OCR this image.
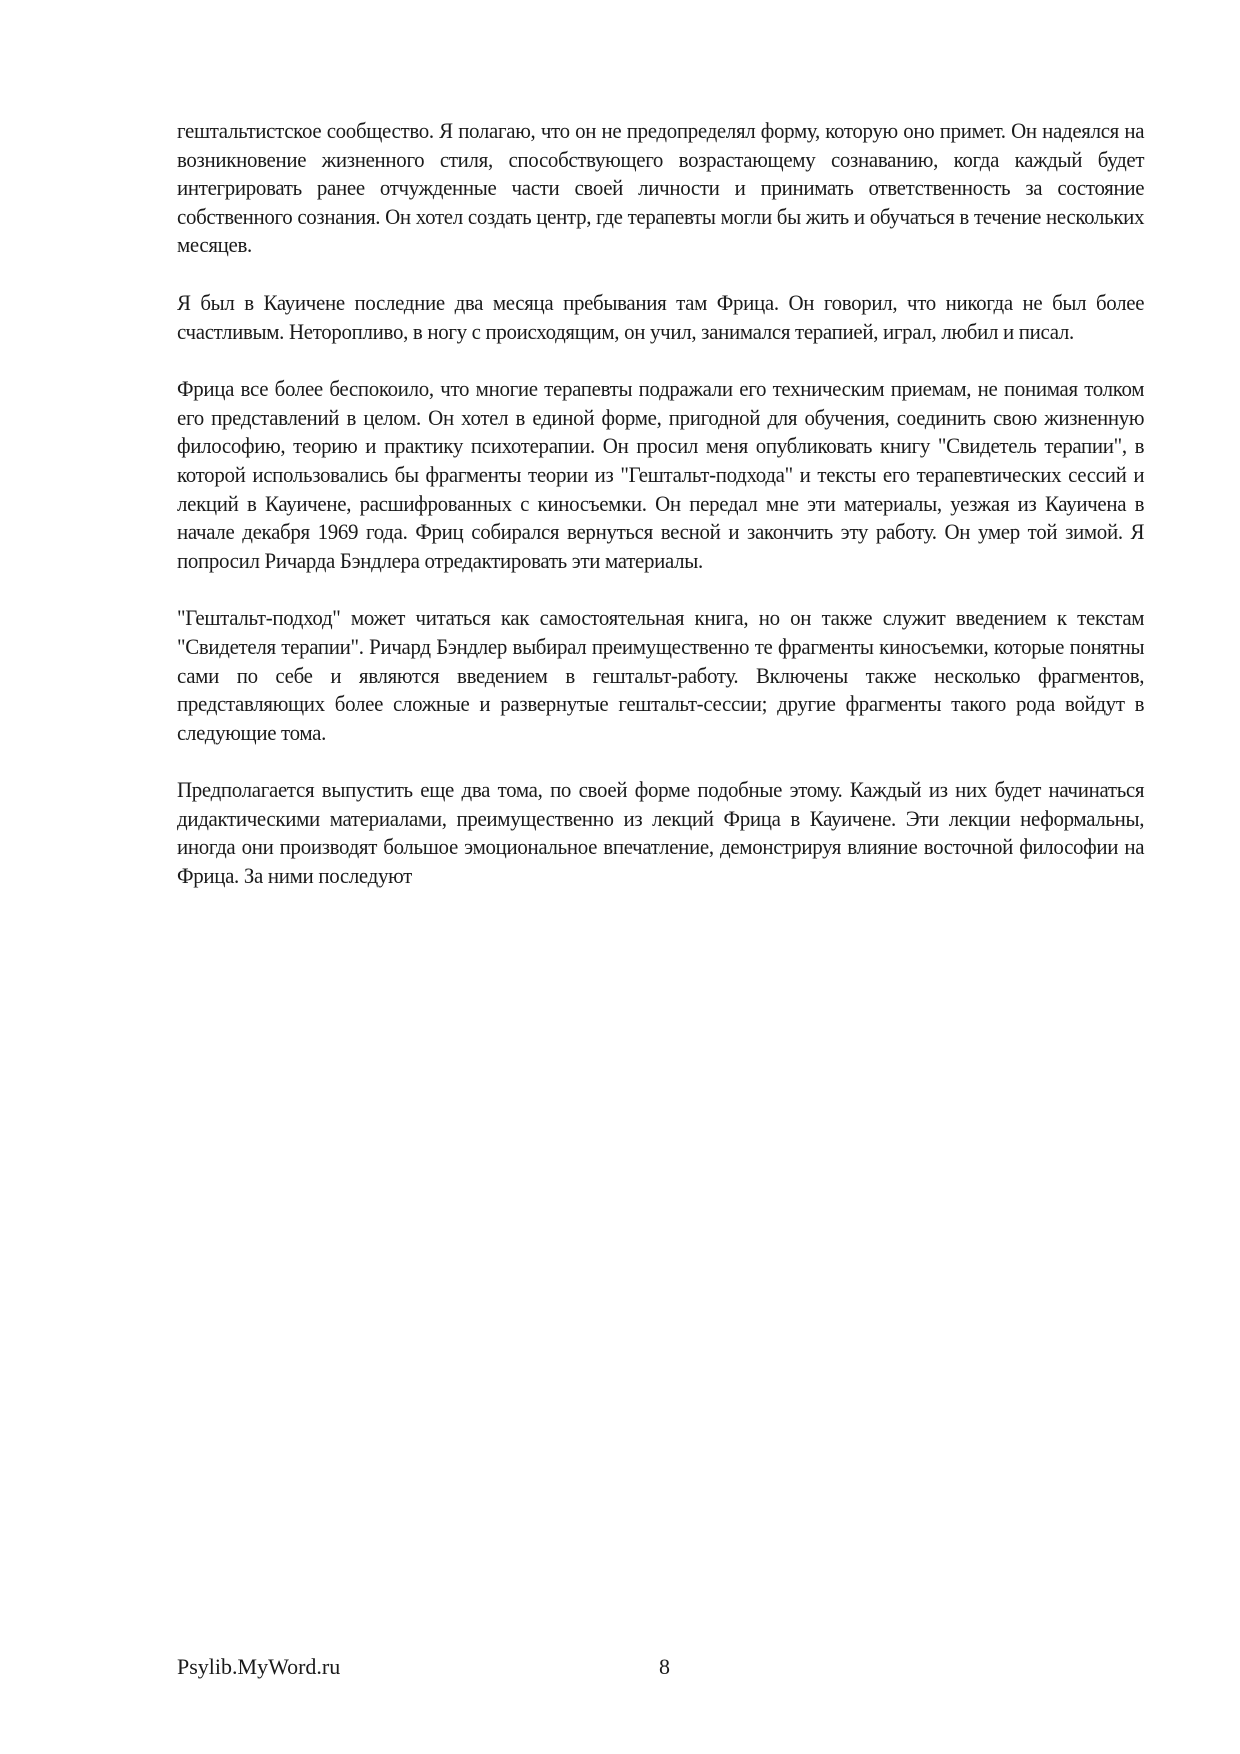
гештальтистское сообщество. Я полагаю, что он не предопределял форму, которую оно примет. Он надеялся на возникновение жизненного стиля, способствующего возрастающему сознаванию, когда каждый будет интегрировать ранее отчужденные части своей личности и принимать ответственность за состояние собственного сознания. Он хотел создать центр, где терапевты могли бы жить и обучаться в течение нескольких месяцев.

Я был в Кауичене последние два месяца пребывания там Фрица. Он говорил, что никогда не был более счастливым. Неторопливо, в ногу с происходящим, он учил, занимался терапией, играл, любил и писал.

Фрица все более беспокоило, что многие терапевты подражали его техническим приемам, не понимая толком его представлений в целом. Он хотел в единой форме, пригодной для обучения, соединить свою жизненную философию, теорию и практику психотерапии. Он просил меня опубликовать книгу "Свидетель терапии", в которой использовались бы фрагменты теории из "Гештальт-подхода" и тексты его терапевтических сессий и лекций в Кауичене, расшифрованных с киносъемки. Он передал мне эти материалы, уезжая из Кауичена в начале декабря 1969 года. Фриц собирался вернуться весной и закончить эту работу. Он умер той зимой. Я попросил Ричарда Бэндлера отредактировать эти материалы.

"Гештальт-подход" может читаться как самостоятельная книга, но он также служит введением к текстам "Свидетеля терапии". Ричард Бэндлер выбирал преимущественно те фрагменты киносъемки, которые понятны сами по себе и являются введением в гештальт-работу. Включены также несколько фрагментов, представляющих более сложные и развернутые гештальт-сессии; другие фрагменты такого рода войдут в следующие тома.

Предполагается выпустить еще два тома, по своей форме подобные этому. Каждый из них будет начинаться дидактическими материалами, преимущественно из лекций Фрица в Кауичене. Эти лекции неформальны, иногда они производят большое эмоциональное впечатление, демонстрируя влияние восточной философии на Фрица. За ними последуют

Psylib.MyWord.ru	8
